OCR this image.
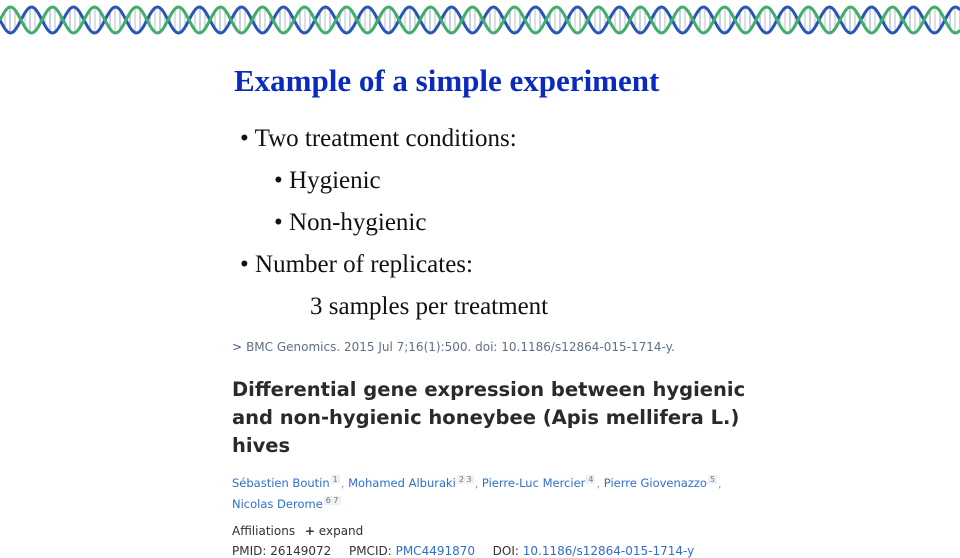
Example of a simple experiment
• Two treatment conditions:
• Hygienic
• Non-hygienic
• Number of replicates:
3 samples per treatment
> BMC Genomics. 2015 Jul 7;16(1):500. doi: 10.1186/s12864-015-1714-y.
Differential gene expression between hygienic and non-hygienic honeybee (Apis mellifera L.) hives
Sébastien Boutin $^1$ , Mohamed Alburaki $^{2 3}$ , Pierre-Luc Mercier $^4$ , Pierre Giovenazzo $^5$ , Nicolas Derome $^{6 7}$
Affiliations + expand
PMID: 26149072 PMCID: PMC4491870 DOI: 10.1186/s12864-015-1714-y
